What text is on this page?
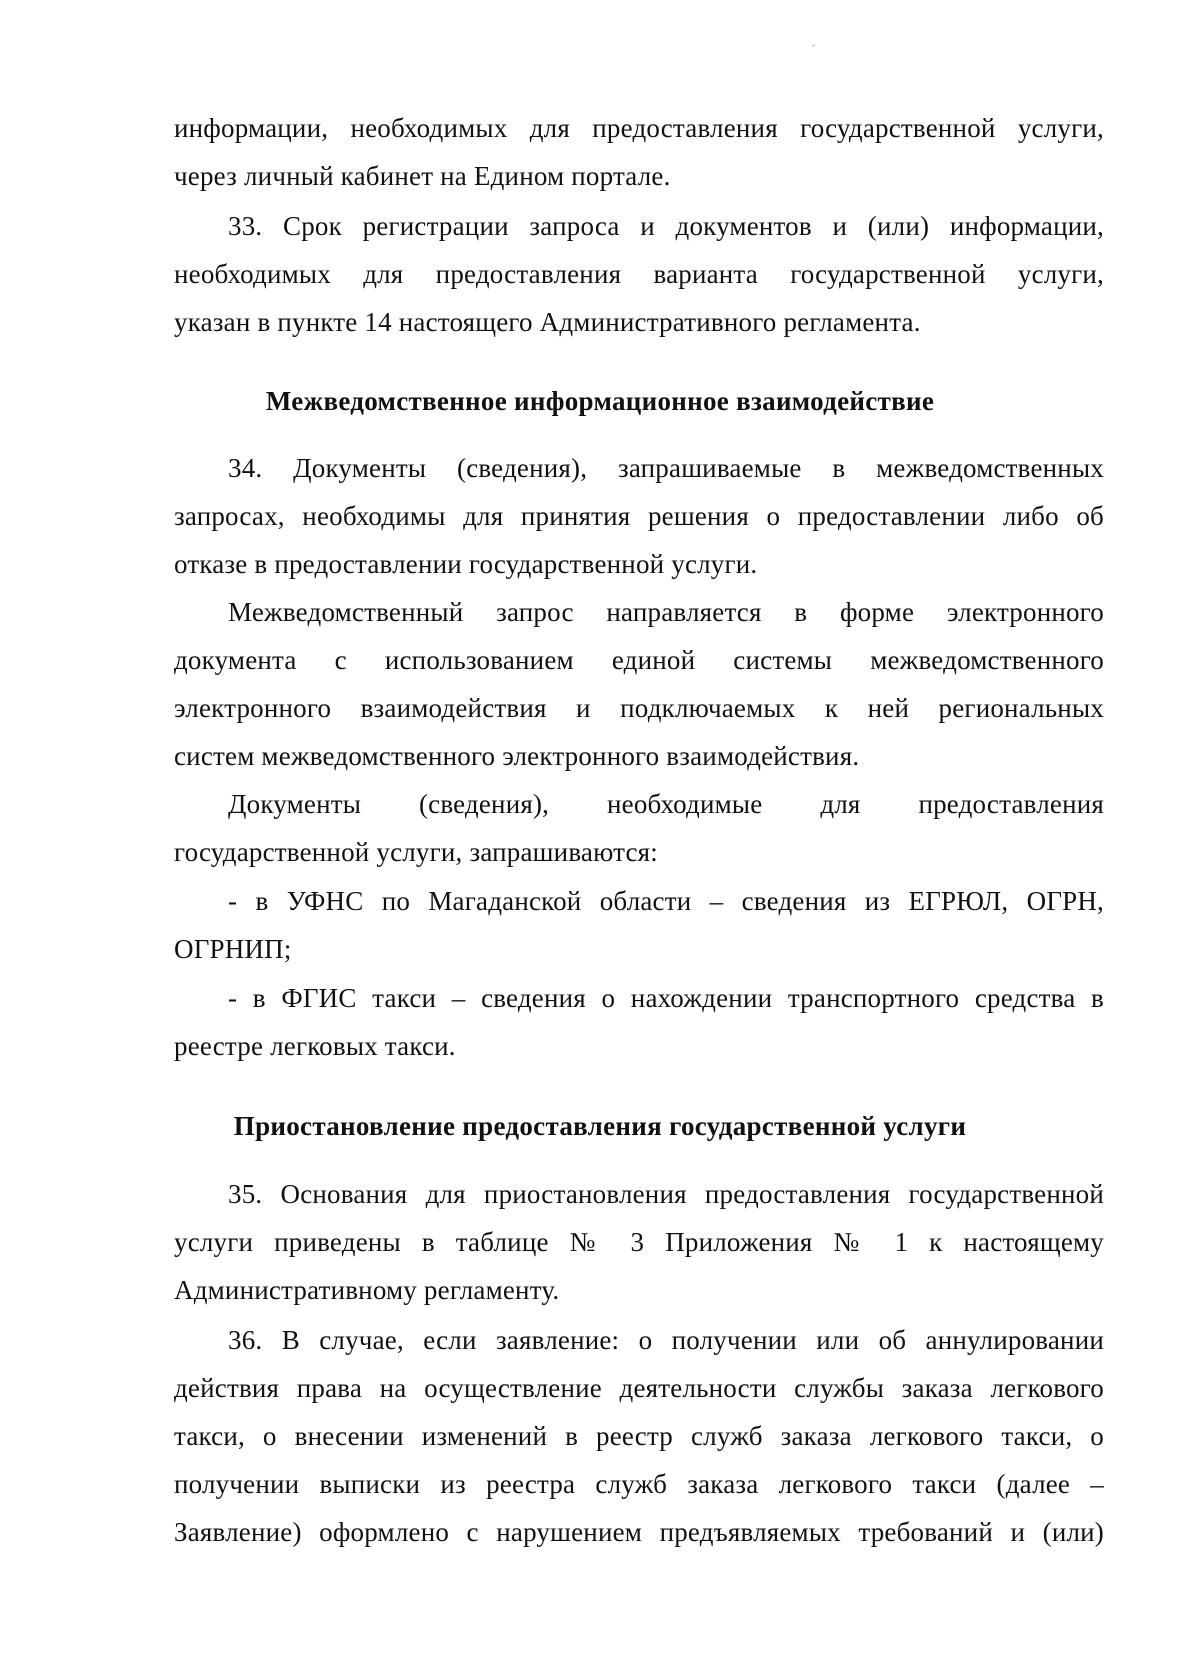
информации, необходимых для предоставления государственной услуги,
через личный кабинет на Едином портале.
33. Срок регистрации запроса и документов и (или) информации,
необходимых для предоставления варианта государственной услуги,
указан в пункте 14 настоящего Административного регламента.
Межведомственное информационное взаимодействие
34. Документы (сведения), запрашиваемые в межведомственных
запросах, необходимы для принятия решения о предоставлении либо об
отказе в предоставлении государственной услуги.
Межведомственный запрос направляется в форме электронного
документа с использованием единой системы межведомственного
электронного взаимодействия и подключаемых к ней региональных
систем межведомственного электронного взаимодействия.
Документы (сведения), необходимые для предоставления
государственной услуги, запрашиваются:
- в УФНС по Магаданской области – сведения из ЕГРЮЛ, ОГРН,
ОГРНИП;
- в ФГИС такси – сведения о нахождении транспортного средства в
реестре легковых такси.
Приостановление предоставления государственной услуги
35. Основания для приостановления предоставления государственной
услуги приведены в таблице № 3 Приложения № 1 к настоящему
Административному регламенту.
36. В случае, если заявление: о получении или об аннулировании
действия права на осуществление деятельности службы заказа легкового
такси, о внесении изменений в реестр служб заказа легкового такси, о
получении выписки из реестра служб заказа легкового такси (далее –
Заявление) оформлено с нарушением предъявляемых требований и (или)
